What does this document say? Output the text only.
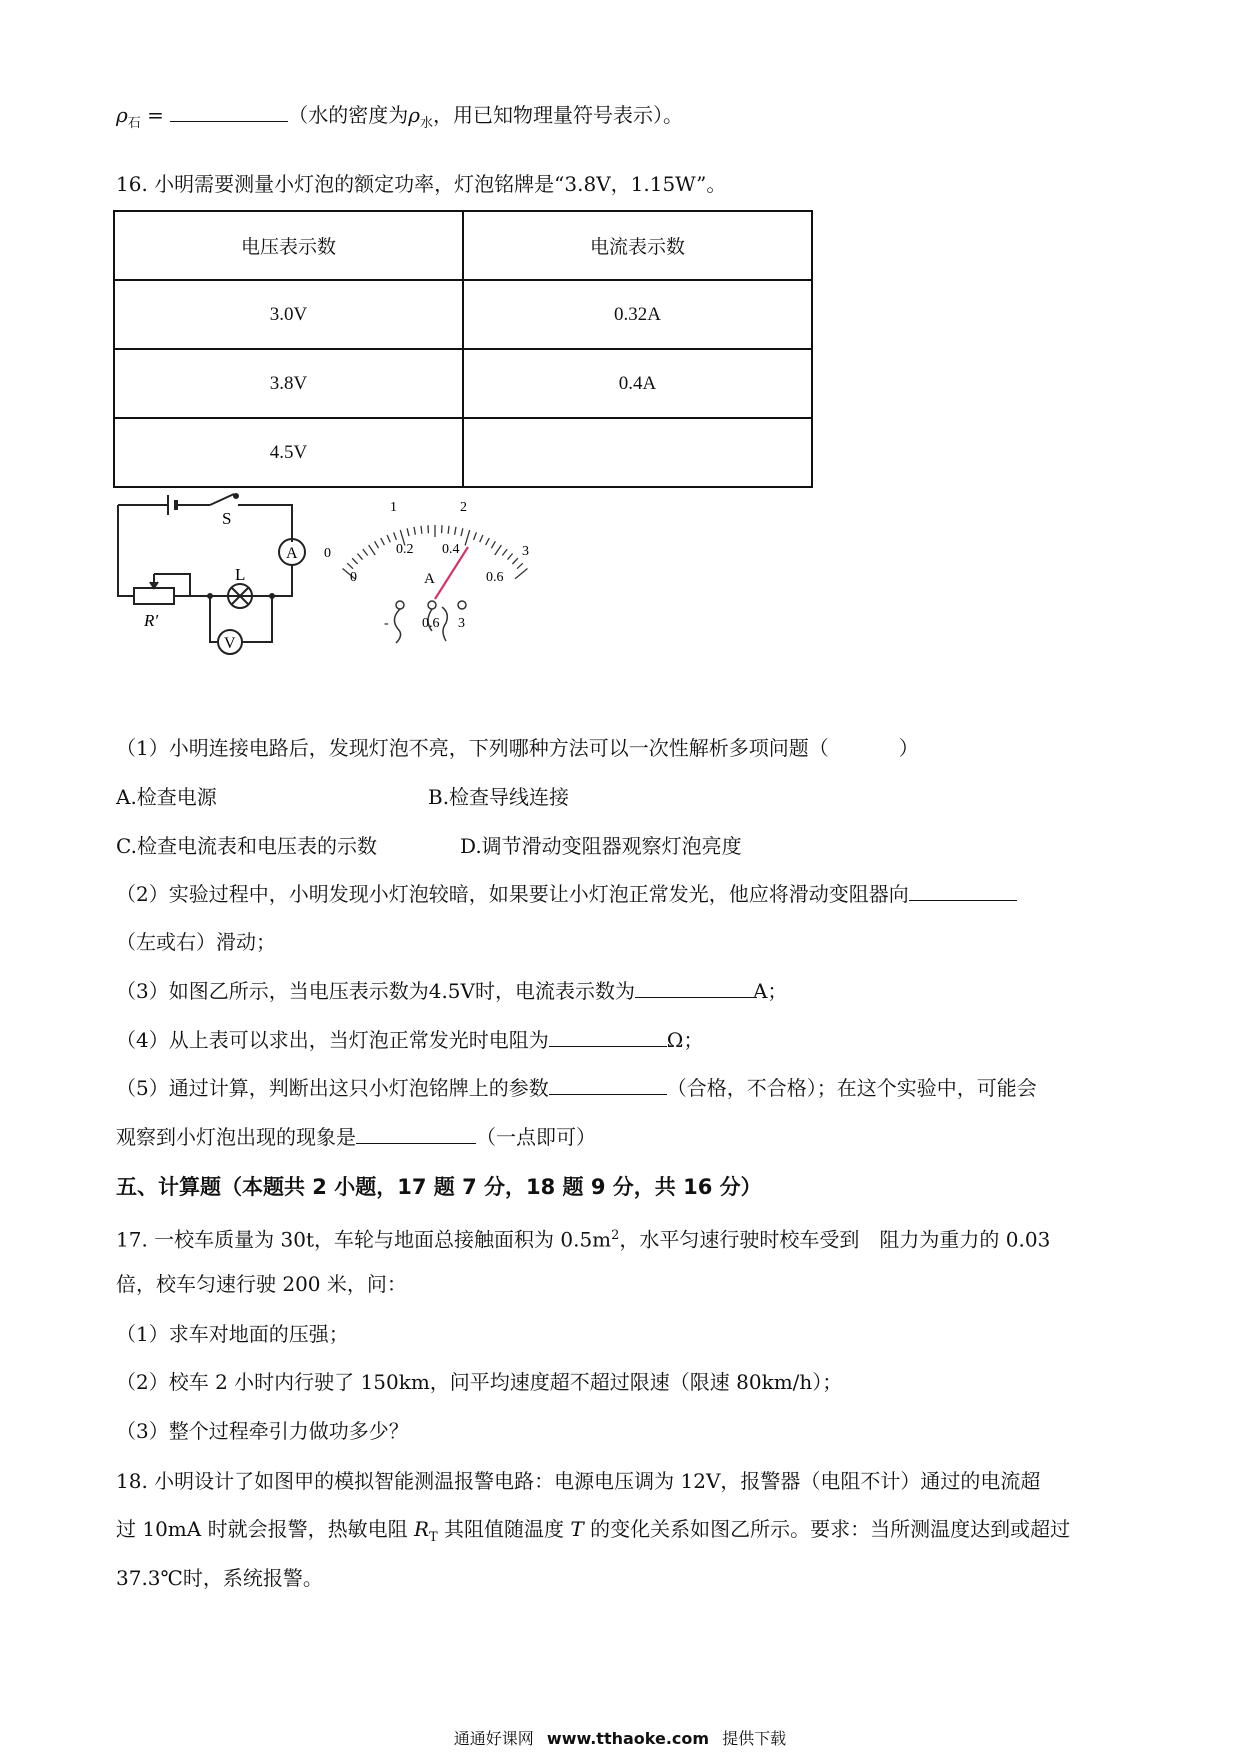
$\rho_石$ =	（水的密度为$\rho_水$，用已知物理量符号表示）。
16. 小明需要测量小灯泡的额定功率，灯泡铭牌是“3.8V，1.15W”。
电压表示数	电流表示数
3.0V	0.32A
3.8V	0.4A
4.5V	
S
L
A
V
R′
0
1	2
3
0
0.2 0.4
0.6
A
- 0.6 3
（1）小明连接电路后，发现灯泡不亮，下列哪种方法可以一次性解析多项问题（	）
A.检查电源	B.检查导线连接
C.检查电流表和电压表的示数	D.调节滑动变阻器观察灯泡亮度
（2）实验过程中，小明发现小灯泡较暗，如果要让小灯泡正常发光，他应将滑动变阻器向
（左或右）滑动；
（3）如图乙所示，当电压表示数为4.5V时，电流表示数为	A；
（4）从上表可以求出，当灯泡正常发光时电阻为	Ω；
（5）通过计算，判断出这只小灯泡铭牌上的参数	（合格，不合格）；在这个实验中，可能会
观察到小灯泡出现的现象是	（一点即可）
五、计算题（本题共 2 小题，17 题 7 分，18 题 9 分，共 16 分）
17. 一校车质量为 30t，车轮与地面总接触面积为 $0.5m^2$，水平匀速行驶时校车受到　阻力为重力的 0.03
倍，校车匀速行驶 200 米，问：
（1）求车对地面的压强；
（2）校车 2 小时内行驶了 150km，问平均速度超不超过限速（限速 80km/h）；
（3）整个过程牵引力做功多少？
18. 小明设计了如图甲的模拟智能测温报警电路：电源电压调为 12V，报警器（电阻不计）通过的电流超
过 10mA 时就会报警，热敏电阻 $R_T$ 其阻值随温度 T 的变化关系如图乙所示。要求：当所测温度达到或超过
37.3℃时，系统报警。
通通好课网 www.tthaoke.com 提供下载
